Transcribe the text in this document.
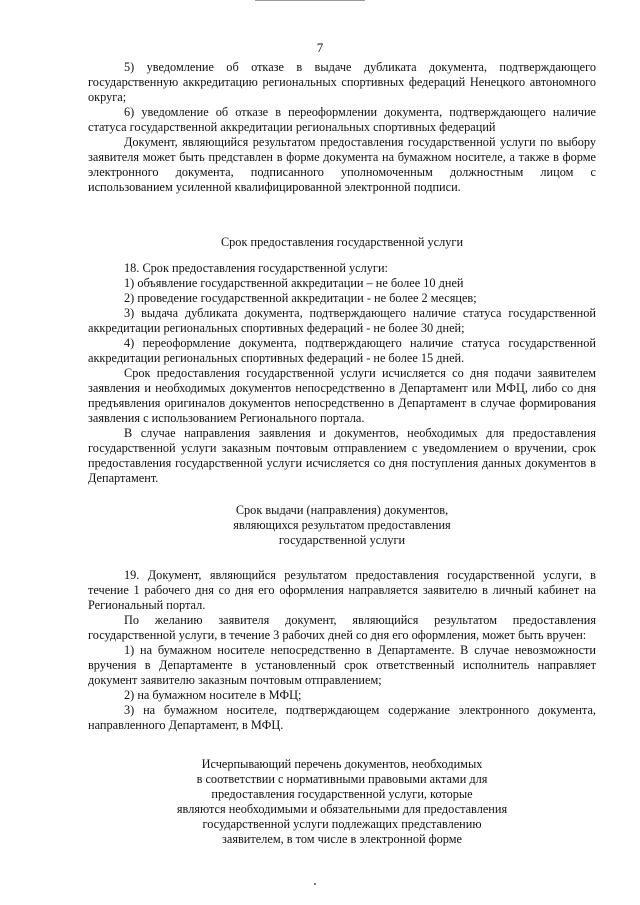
7

5) уведомление об отказе в выдаче дубликата документа, подтверждающего государственную аккредитацию региональных спортивных федераций Ненецкого автономного округа;

6) уведомление об отказе в переоформлении документа, подтверждающего наличие статуса государственной аккредитации региональных спортивных федераций

Документ, являющийся результатом предоставления государственной услуги по выбору заявителя может быть представлен в форме документа на бумажном носителе, а также в форме электронного документа, подписанного уполномоченным должностным лицом с использованием усиленной квалифицированной электронной подписи.

Срок предоставления государственной услуги

18. Срок предоставления государственной услуги:

1) объявление государственной аккредитации – не более 10 дней

2) проведение государственной аккредитации - не более 2 месяцев;

3) выдача дубликата документа, подтверждающего наличие статуса государственной аккредитации региональных спортивных федераций - не более 30 дней;

4) переоформление документа, подтверждающего наличие статуса государственной аккредитации региональных спортивных федераций - не более 15 дней.

Срок предоставления государственной услуги исчисляется со дня подачи заявителем заявления и необходимых документов непосредственно в Департамент или МФЦ, либо со дня предъявления оригиналов документов непосредственно в Департамент в случае формирования заявления с использованием Регионального портала.

В случае направления заявления и документов, необходимых для предоставления государственной услуги заказным почтовым отправлением с уведомлением о вручении, срок предоставления государственной услуги исчисляется со дня поступления данных документов в Департамент.

Срок выдачи (направления) документов,

являющихся результатом предоставления

государственной услуги

19. Документ, являющийся результатом предоставления государственной услуги, в течение 1 рабочего дня со дня его оформления направляется заявителю в личный кабинет на Региональный портал.

По желанию заявителя документ, являющийся результатом предоставления государственной услуги, в течение 3 рабочих дней со дня его оформления, может быть вручен:

1) на бумажном носителе непосредственно в Департаменте. В случае невозможности вручения в Департаменте в установленный срок ответственный исполнитель направляет документ заявителю заказным почтовым отправлением;

2) на бумажном носителе в МФЦ;

3) на бумажном носителе, подтверждающем содержание электронного документа, направленного Департамент, в МФЦ.

Исчерпывающий перечень документов, необходимых

в соответствии с нормативными правовыми актами для

предоставления государственной услуги, которые

являются необходимыми и обязательными для предоставления

государственной услуги подлежащих представлению

заявителем, в том числе в электронной форме
